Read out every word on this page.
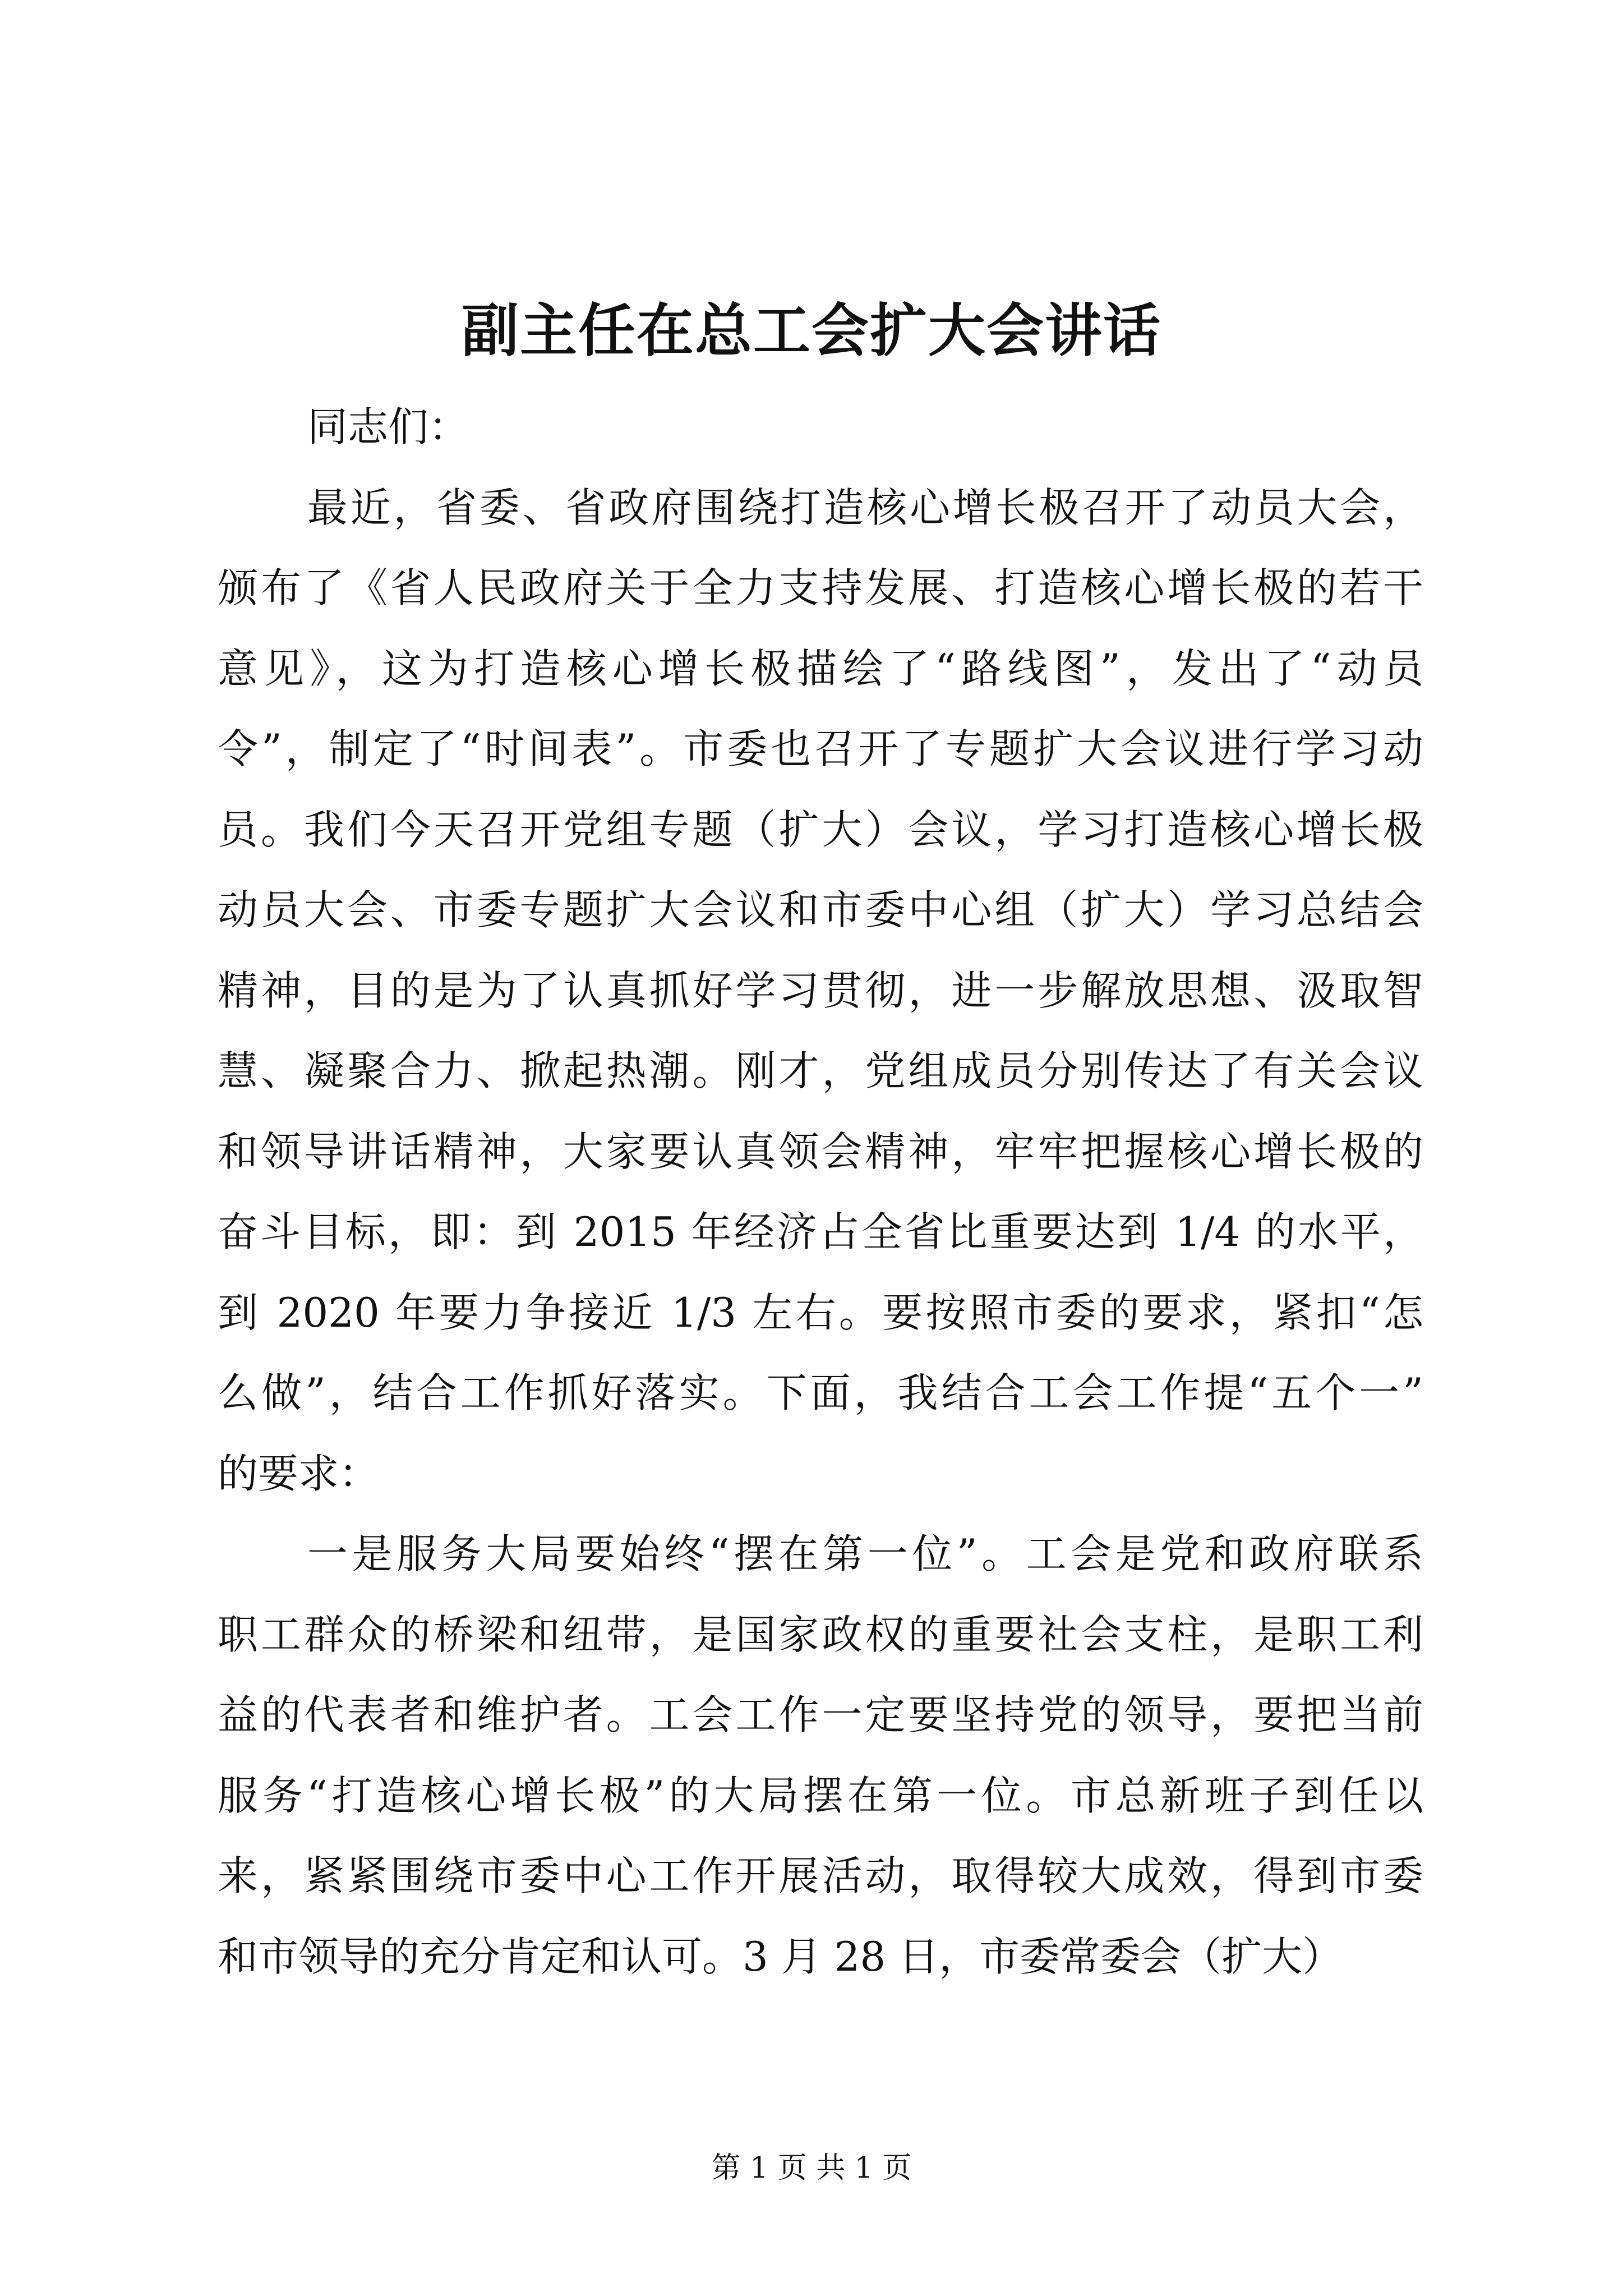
副主任在总工会扩大会讲话
同志们：
最近，省委、省政府围绕打造核心增长极召开了动员大会，
颁布了《省人民政府关于全力支持发展、打造核心增长极的若干
意见》，这为打造核心增长极描绘了“路线图”，发出了“动员
令”，制定了“时间表”。市委也召开了专题扩大会议进行学习动
员。我们今天召开党组专题（扩大）会议，学习打造核心增长极
动员大会、市委专题扩大会议和市委中心组（扩大）学习总结会
精神，目的是为了认真抓好学习贯彻，进一步解放思想、汲取智
慧、凝聚合力、掀起热潮。刚才，党组成员分别传达了有关会议
和领导讲话精神，大家要认真领会精神，牢牢把握核心增长极的
奋斗目标，即：到 2015 年经济占全省比重要达到 1/4 的水平，
到 2020 年要力争接近 1/3 左右。要按照市委的要求，紧扣“怎
么做”，结合工作抓好落实。下面，我结合工会工作提“五个一”
的要求：
一是服务大局要始终“摆在第一位”。工会是党和政府联系
职工群众的桥梁和纽带，是国家政权的重要社会支柱，是职工利
益的代表者和维护者。工会工作一定要坚持党的领导，要把当前
服务“打造核心增长极”的大局摆在第一位。市总新班子到任以
来，紧紧围绕市委中心工作开展活动，取得较大成效，得到市委
和市领导的充分肯定和认可。3 月 28 日，市委常委会（扩大）
第 1 页 共 1 页
